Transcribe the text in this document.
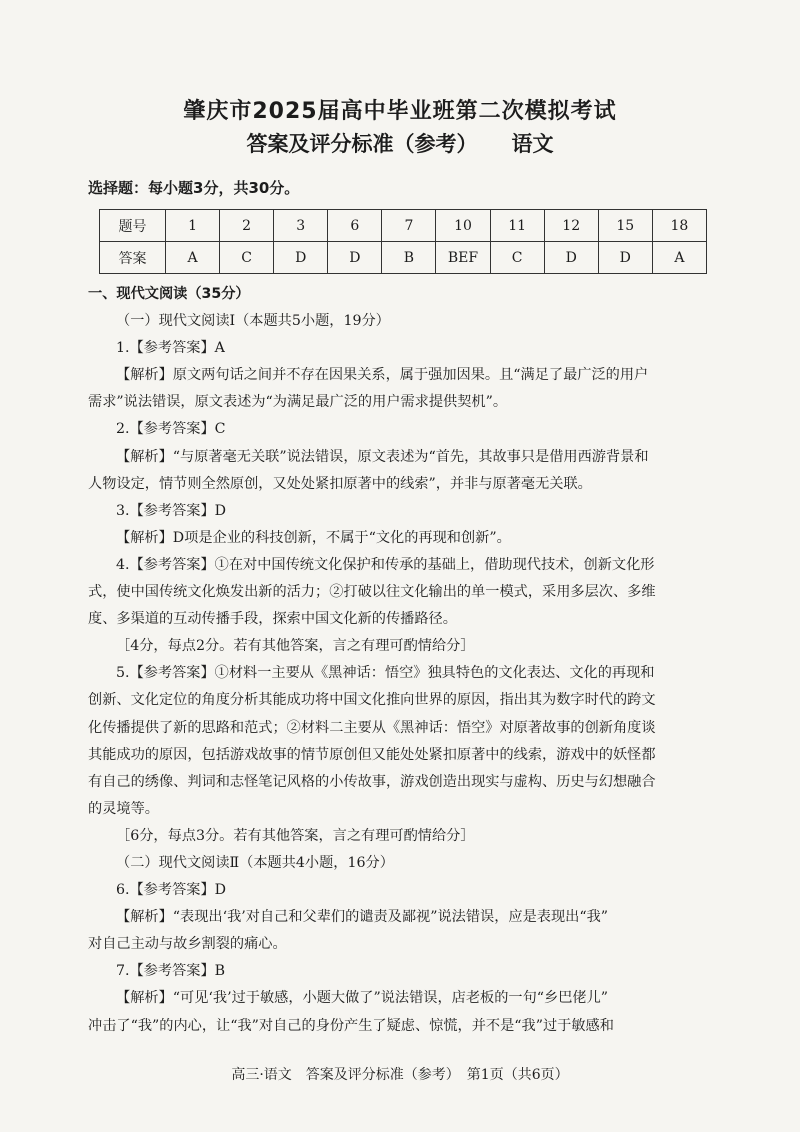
肇庆市2025届高中毕业班第二次模拟考试
答案及评分标准（参考） 语文
选择题：每小题3分，共30分。
题号	1	2	3	6	7	10	11	12	15	18
答案	A	C	D	D	B	BEF	C	D	D	A
一、现代文阅读（35分）
（一）现代文阅读Ⅰ（本题共5小题，19分）
1.【参考答案】A
【解析】原文两句话之间并不存在因果关系，属于强加因果。且“满足了最广泛的用户
需求”说法错误，原文表述为“为满足最广泛的用户需求提供契机”。
2.【参考答案】C
【解析】“与原著毫无关联”说法错误，原文表述为“首先，其故事只是借用西游背景和
人物设定，情节则全然原创，又处处紧扣原著中的线索”，并非与原著毫无关联。
3.【参考答案】D
【解析】D项是企业的科技创新，不属于“文化的再现和创新”。
4.【参考答案】①在对中国传统文化保护和传承的基础上，借助现代技术，创新文化形
式，使中国传统文化焕发出新的活力；②打破以往文化输出的单一模式，采用多层次、多维
度、多渠道的互动传播手段，探索中国文化新的传播路径。
［4分，每点2分。若有其他答案，言之有理可酌情给分］
5.【参考答案】①材料一主要从《黑神话：悟空》独具特色的文化表达、文化的再现和
创新、文化定位的角度分析其能成功将中国文化推向世界的原因，指出其为数字时代的跨文
化传播提供了新的思路和范式；②材料二主要从《黑神话：悟空》对原著故事的创新角度谈
其能成功的原因，包括游戏故事的情节原创但又能处处紧扣原著中的线索，游戏中的妖怪都
有自己的绣像、判词和志怪笔记风格的小传故事，游戏创造出现实与虚构、历史与幻想融合
的灵境等。
［6分，每点3分。若有其他答案，言之有理可酌情给分］
（二）现代文阅读Ⅱ（本题共4小题，16分）
6.【参考答案】D
【解析】“表现出‘我’对自己和父辈们的谴责及鄙视”说法错误，应是表现出“我”
对自己主动与故乡割裂的痛心。
7.【参考答案】B
【解析】“可见‘我’过于敏感，小题大做了”说法错误，店老板的一句“乡巴佬儿”
冲击了“我”的内心，让“我”对自己的身份产生了疑虑、惊慌，并不是“我”过于敏感和
高三·语文　答案及评分标准（参考）　第1页（共6页）
